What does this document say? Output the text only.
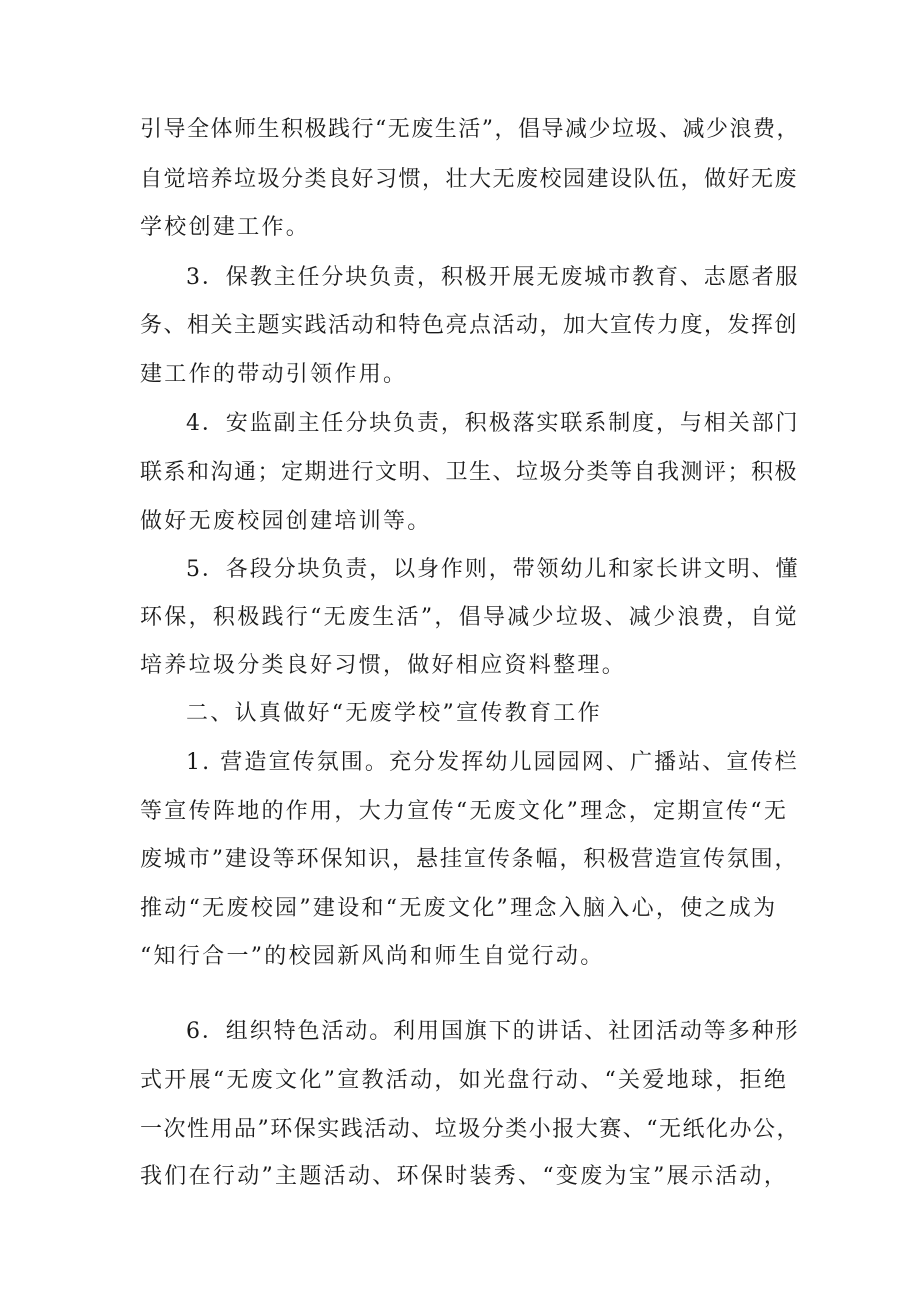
引导全体师生积极践行“无废生活”，倡导减少垃圾、减少浪费，
自觉培养垃圾分类良好习惯，壮大无废校园建设队伍，做好无废
学校创建工作。
3．保教主任分块负责，积极开展无废城市教育、志愿者服
务、相关主题实践活动和特色亮点活动，加大宣传力度，发挥创
建工作的带动引领作用。
4．安监副主任分块负责，积极落实联系制度，与相关部门
联系和沟通；定期进行文明、卫生、垃圾分类等自我测评；积极
做好无废校园创建培训等。
5．各段分块负责，以身作则，带领幼儿和家长讲文明、懂
环保，积极践行“无废生活”，倡导减少垃圾、减少浪费，自觉
培养垃圾分类良好习惯，做好相应资料整理。
二、认真做好“无废学校”宣传教育工作
1. 营造宣传氛围。充分发挥幼儿园园网、广播站、宣传栏
等宣传阵地的作用，大力宣传“无废文化”理念，定期宣传“无
废城市”建设等环保知识，悬挂宣传条幅，积极营造宣传氛围，
推动“无废校园”建设和“无废文化”理念入脑入心，使之成为
“知行合一”的校园新风尚和师生自觉行动。
6．组织特色活动。利用国旗下的讲话、社团活动等多种形
式开展“无废文化”宣教活动，如光盘行动、“关爱地球，拒绝
一次性用品”环保实践活动、垃圾分类小报大赛、“无纸化办公，
我们在行动”主题活动、环保时装秀、“变废为宝”展示活动，
